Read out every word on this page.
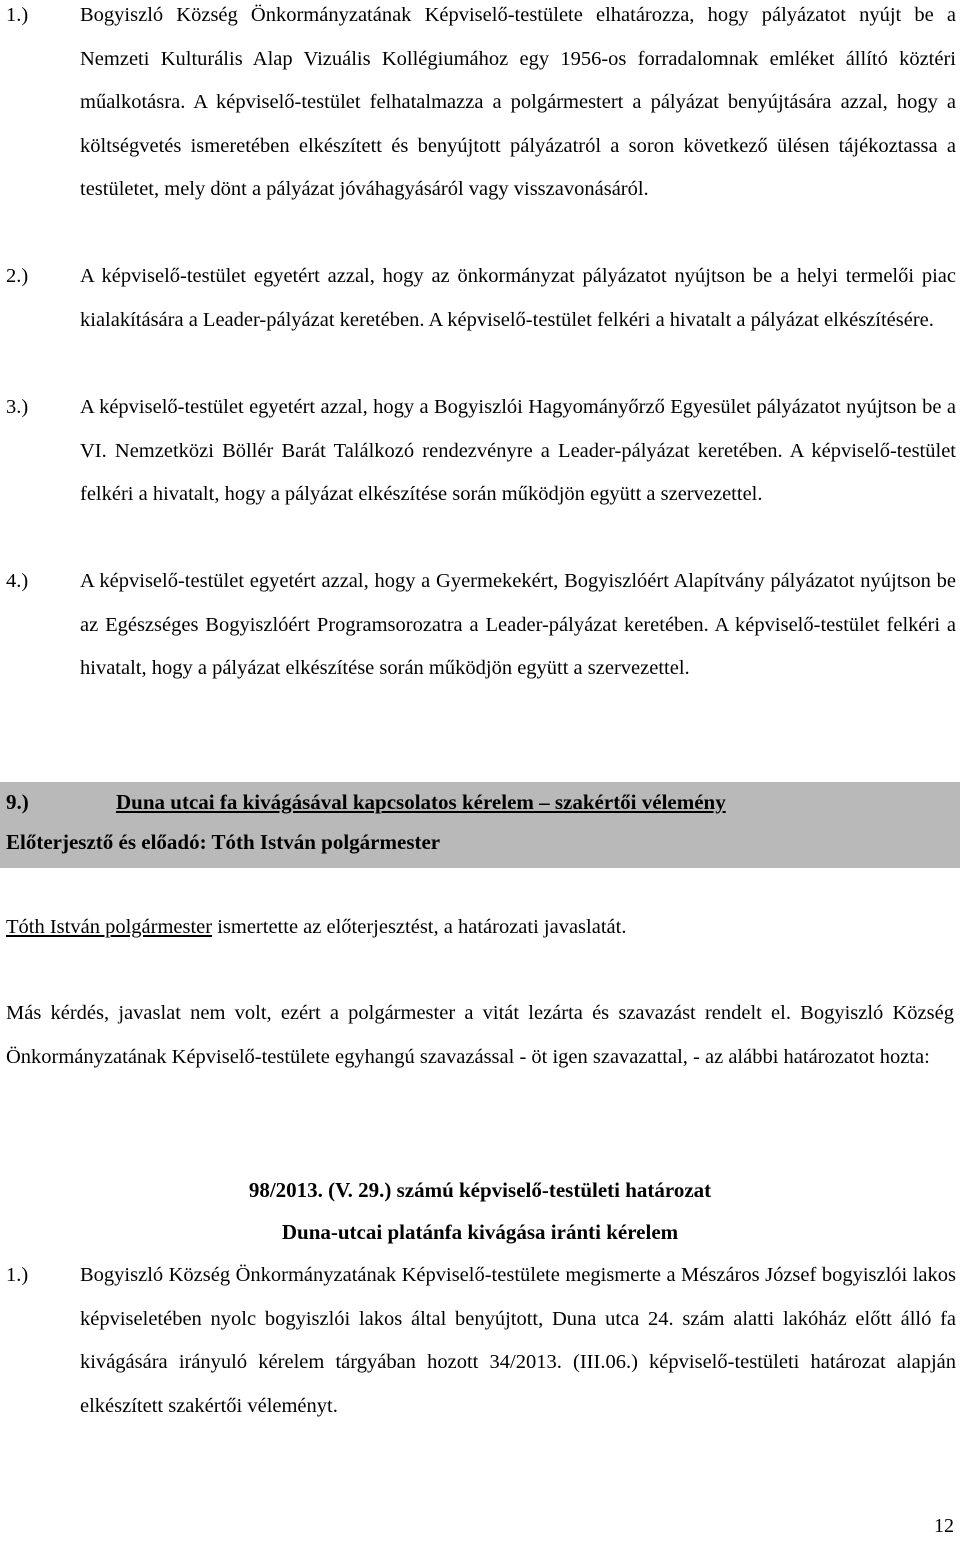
1.)	Bogyiszló Község Önkormányzatának Képviselő-testülete elhatározza, hogy pályázatot nyújt be a Nemzeti Kulturális Alap Vizuális Kollégiumához egy 1956-os forradalomnak emléket állító köztéri műalkotásra. A képviselő-testület felhatalmazza a polgármestert a pályázat benyújtására azzal, hogy a költségvetés ismeretében elkészített és benyújtott pályázatról a soron következő ülésen tájékoztassa a testületet, mely dönt a pályázat jóváhagyásáról vagy visszavonásáról.
2.)	A képviselő-testület egyetért azzal, hogy az önkormányzat pályázatot nyújtson be a helyi termelői piac kialakítására a Leader-pályázat keretében. A képviselő-testület felkéri a hivatalt a pályázat elkészítésére.
3.)	A képviselő-testület egyetért azzal, hogy a Bogyiszlói Hagyományőrző Egyesület pályázatot nyújtson be a VI. Nemzetközi Böllér Barát Találkozó rendezvényre a Leader-pályázat keretében. A képviselő-testület felkéri a hivatalt, hogy a pályázat elkészítése során működjön együtt a szervezettel.
4.)	A képviselő-testület egyetért azzal, hogy a Gyermekekért, Bogyiszlóért Alapítvány pályázatot nyújtson be az Egészséges Bogyiszlóért Programsorozatra a Leader-pályázat keretében. A képviselő-testület felkéri a hivatalt, hogy a pályázat elkészítése során működjön együtt a szervezettel.
9.)	Duna utcai fa kivágásával kapcsolatos kérelem – szakértői vélemény
Előterjesztő és előadó: Tóth István polgármester
Tóth István polgármester ismertette az előterjesztést, a határozati javaslatát.
Más kérdés, javaslat nem volt, ezért a polgármester a vitát lezárta és szavazást rendelt el. Bogyiszló Község Önkormányzatának Képviselő-testülete egyhangú szavazással - öt igen szavazattal, - az alábbi határozatot hozta:
98/2013. (V. 29.) számú képviselő-testületi határozat
Duna-utcai platánfa kivágása iránti kérelem
1.)	Bogyiszló Község Önkormányzatának Képviselő-testülete megismerte a Mészáros József bogyiszlói lakos képviseletében nyolc bogyiszlói lakos által benyújtott, Duna utca 24. szám alatti lakóház előtt álló fa kivágására irányuló kérelem tárgyában hozott 34/2013. (III.06.) képviselő-testületi határozat alapján elkészített szakértői véleményt.
12
